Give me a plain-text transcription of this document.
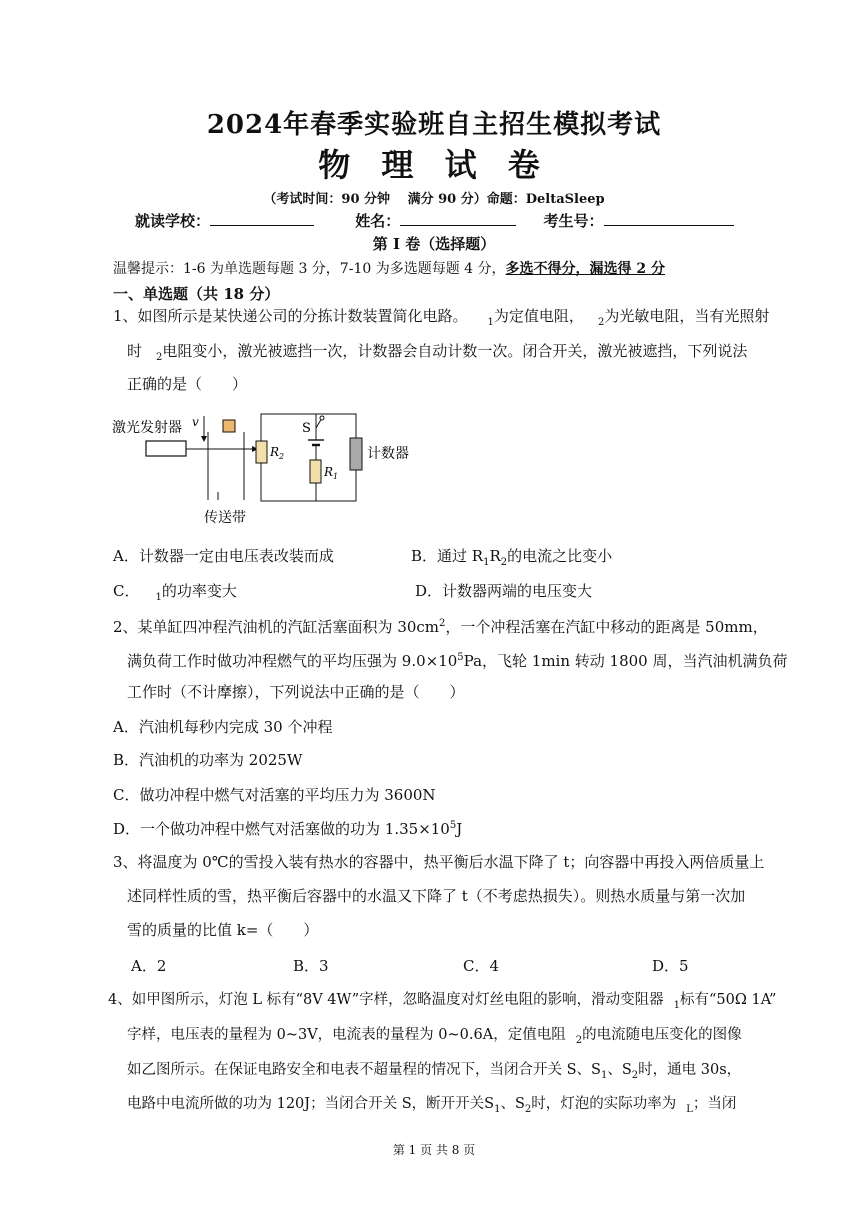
2024年春季实验班自主招生模拟考试
物 理 试 卷
（考试时间：90 分钟　 满分 90 分）命题：DeltaSleep
就读学校：	姓名：	考生号：
第 I 卷（选择题）
温馨提示：1-6 为单选题每题 3 分，7-10 为多选题每题 4 分，多选不得分，漏选得 2 分
一、单选题（共 18 分）
1、如图所示是某快递公司的分拣计数装置简化电路。 $_1$为定值电阻， $_2$为光敏电阻，当有光照射
时 $_2$电阻变小，激光被遮挡一次，计数器会自动计数一次。闭合开关，激光被遮挡，下列说法
正确的是（　　）
激光发射器 v
传送带
$R_2$
S
$R_1$
计数器
A．计数器一定由电压表改装而成	B．通过 $R_1R_2$的电流之比变小
C． $_1$的功率变大	D．计数器两端的电压变大
2、某单缸四冲程汽油机的汽缸活塞面积为 $30cm^2$，一个冲程活塞在汽缸中移动的距离是 50mm，
满负荷工作时做功冲程燃气的平均压强为 $9.0\times 10^5Pa$，飞轮 1min 转动 1800 周，当汽油机满负荷
工作时（不计摩擦），下列说法中正确的是（　　）
A．汽油机每秒内完成 30 个冲程
B．汽油机的功率为 2025W
C．做功冲程中燃气对活塞的平均压力为 3600N
D．一个做功冲程中燃气对活塞做的功为 $1.35\times 10^5J$
3、将温度为 0℃的雪投入装有热水的容器中，热平衡后水温下降了 t；向容器中再投入两倍质量上
述同样性质的雪，热平衡后容器中的水温又下降了 t（不考虑热损失）。则热水质量与第一次加
雪的质量的比值 k=（　　）
A．2	B．3	C．4	D．5
4、如甲图所示，灯泡 L 标有“8V 4W”字样，忽略温度对灯丝电阻的影响，滑动变阻器 $_1$标有“50Ω 1A”
字样，电压表的量程为 0~3V，电流表的量程为 0~0.6A，定值电阻 $_2$的电流随电压变化的图像
如乙图所示。在保证电路安全和电表不超量程的情况下，当闭合开关 S、$S_1$、$S_2$时，通电 30s，
电路中电流所做的功为 120J；当闭合开关 S，断开开关$S_1$、$S_2$时，灯泡的实际功率为 $_L$；当闭
第 1 页 共 8 页
